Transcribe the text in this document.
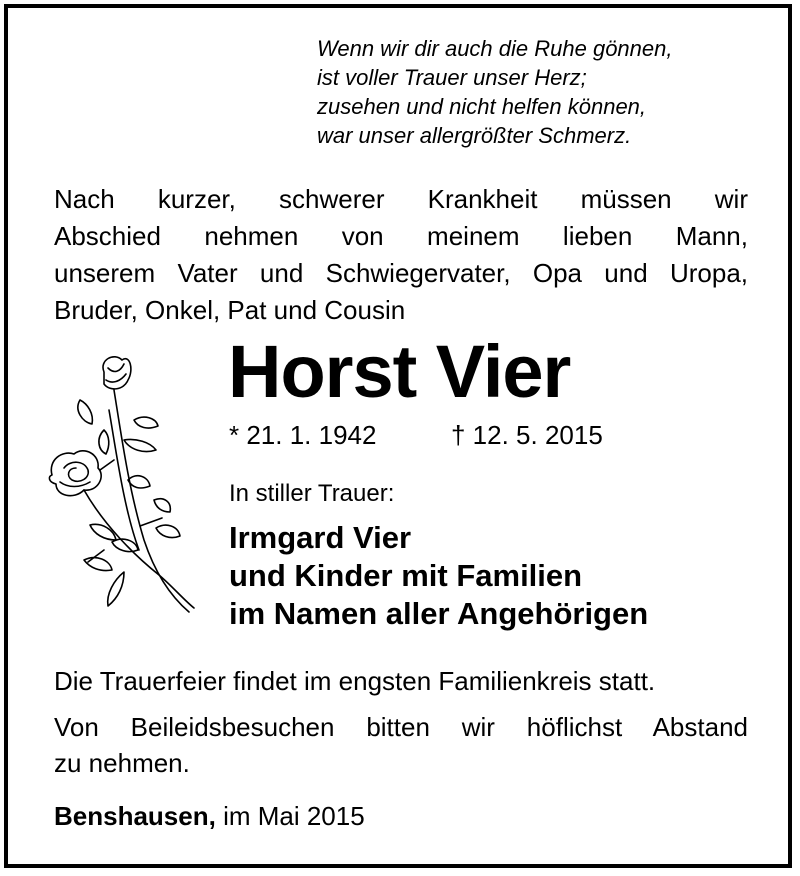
Wenn wir dir auch die Ruhe gönnen,
ist voller Trauer unser Herz;
zusehen und nicht helfen können,
war unser allergrößter Schmerz.
Nach kurzer, schwerer Krankheit müssen wir
Abschied nehmen von meinem lieben Mann,
unserem Vater und Schwiegervater, Opa und Uropa,
Bruder, Onkel, Pat und Cousin
Horst Vier
* 21. 1. 1942	† 12. 5. 2015
In stiller Trauer:
Irmgard Vier
und Kinder mit Familien
im Namen aller Angehörigen
Die Trauerfeier findet im engsten Familienkreis statt.
Von Beileidsbesuchen bitten wir höflichst Abstand
zu nehmen.
Benshausen, im Mai 2015
